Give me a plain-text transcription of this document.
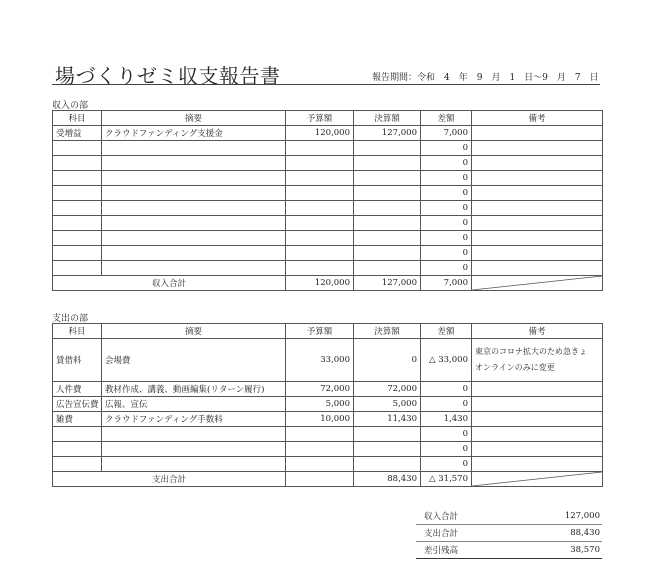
場づくりゼミ収支報告書	報告期間：令和　4　年　9　月　1　日〜9　月　7　日
収入の部
科目	摘要	予算額	決算額	差額	備考
受増益	クラウドファンディング支援金	120,000	127,000	7,000	
				0	
				0	
				0	
				0	
				0	
				0	
				0	
				0	
				0	
収入合計		120,000	127,000	7,000	
支出の部
科目	摘要	予算額	決算額	差額	備考
賃借料	会場費	33,000	0	△ 33,000	東京のコロナ拡大のため急きょ
オンラインのみに変更
人件費	教材作成、講義、動画編集(リターン履行)	72,000	72,000	0	
広告宣伝費	広報、宣伝	5,000	5,000	0	
雑費	クラウドファンディング手数料	10,000	11,430	1,430	
				0	
				0	
				0	
支出合計			88,430	△ 31,570	
収入合計	127,000
支出合計	88,430
差引残高	38,570
